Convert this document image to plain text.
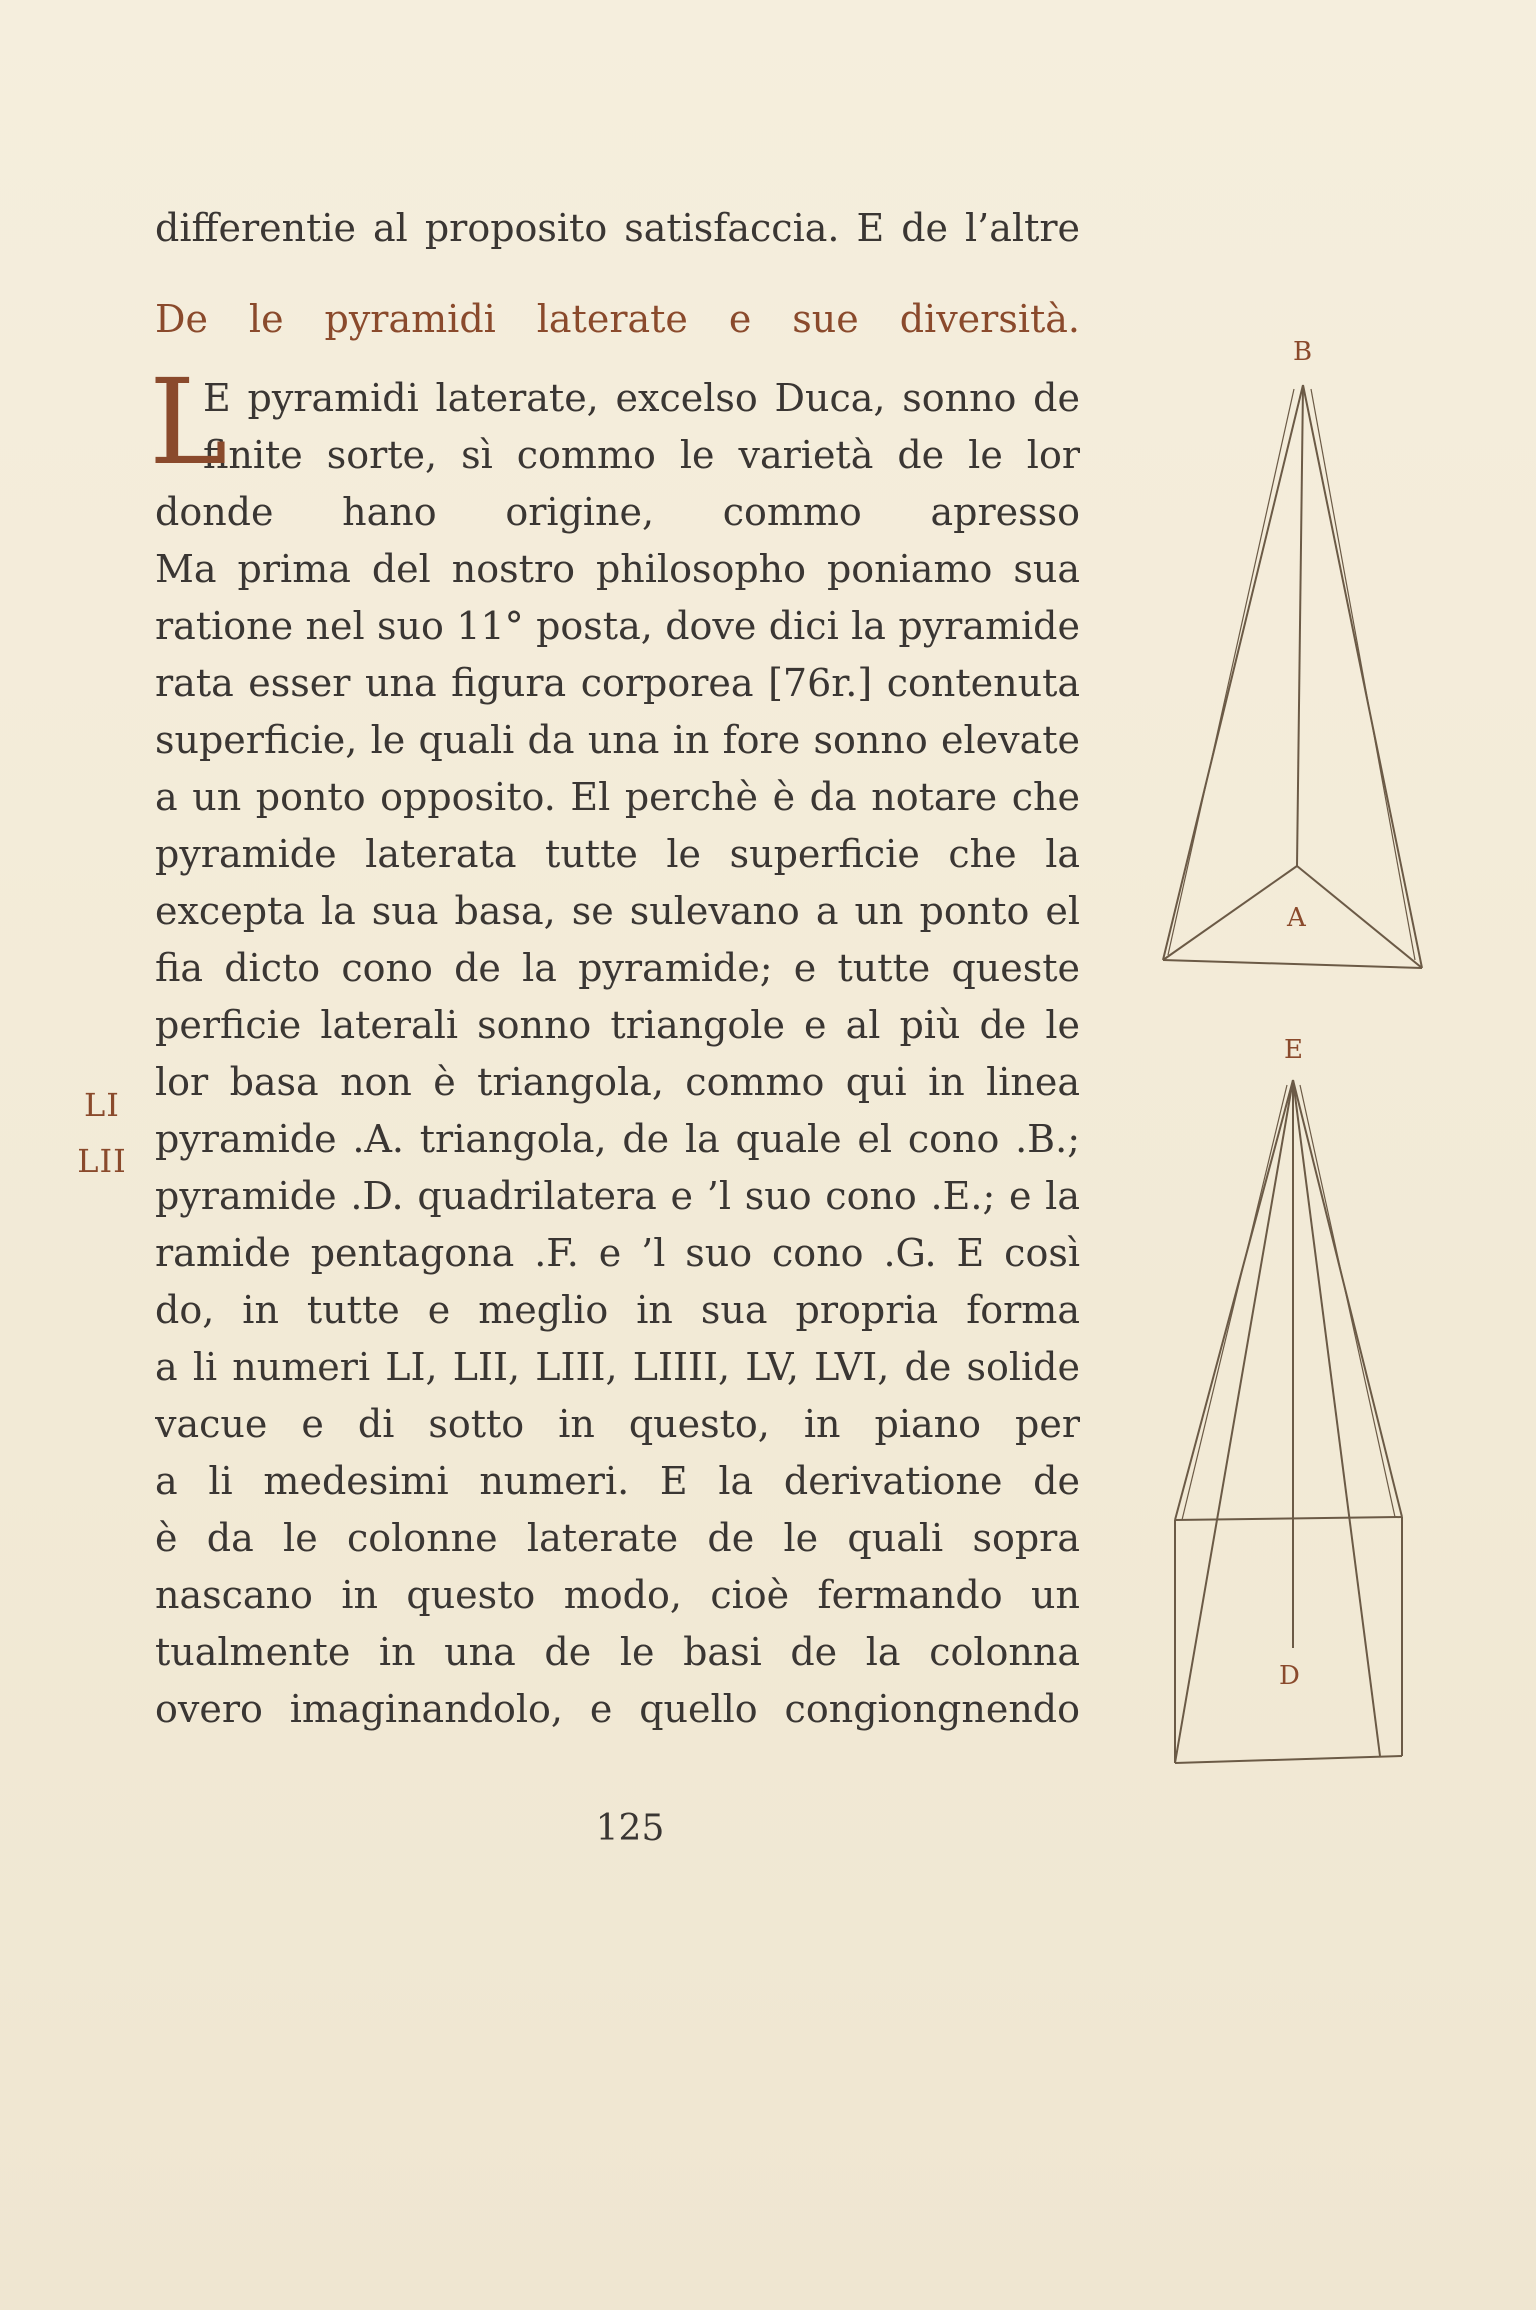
differentie al proposito satisfaccia. E de l’altre
De le pyramidi laterate e sue diversità.
L
E pyramidi laterate, excelso Duca, sonno de
finite sorte, sì commo le varietà de le lor
donde hano origine, commo apresso
Ma prima del nostro philosopho poniamo sua
ratione nel suo 11° posta, dove dici la pyramide
rata esser una figura corporea [76r.] contenuta
superficie, le quali da una in fore sonno elevate
a un ponto opposito. El perchè è da notare che
pyramide laterata tutte le superficie che la
excepta la sua basa, se sulevano a un ponto el
fia dicto cono de la pyramide; e tutte queste
perficie laterali sonno triangole e al più de le
lor basa non è triangola, commo qui in linea
pyramide .A. triangola, de la quale el cono .B.;
pyramide .D. quadrilatera e ’l suo cono .E.; e la
ramide pentagona .F. e ’l suo cono .G. E così
do, in tutte e meglio in sua propria forma
a li numeri LI, LII, LIII, LIIII, LV, LVI, de solide
vacue e di sotto in questo, in piano per
a li medesimi numeri. E la derivatione de
è da le colonne laterate de le quali sopra
nascano in questo modo, cioè fermando un
tualmente in una de le basi de la colonna
overo imaginandolo, e quello congiongnendo
LI
LII
125
B
A
E
D
